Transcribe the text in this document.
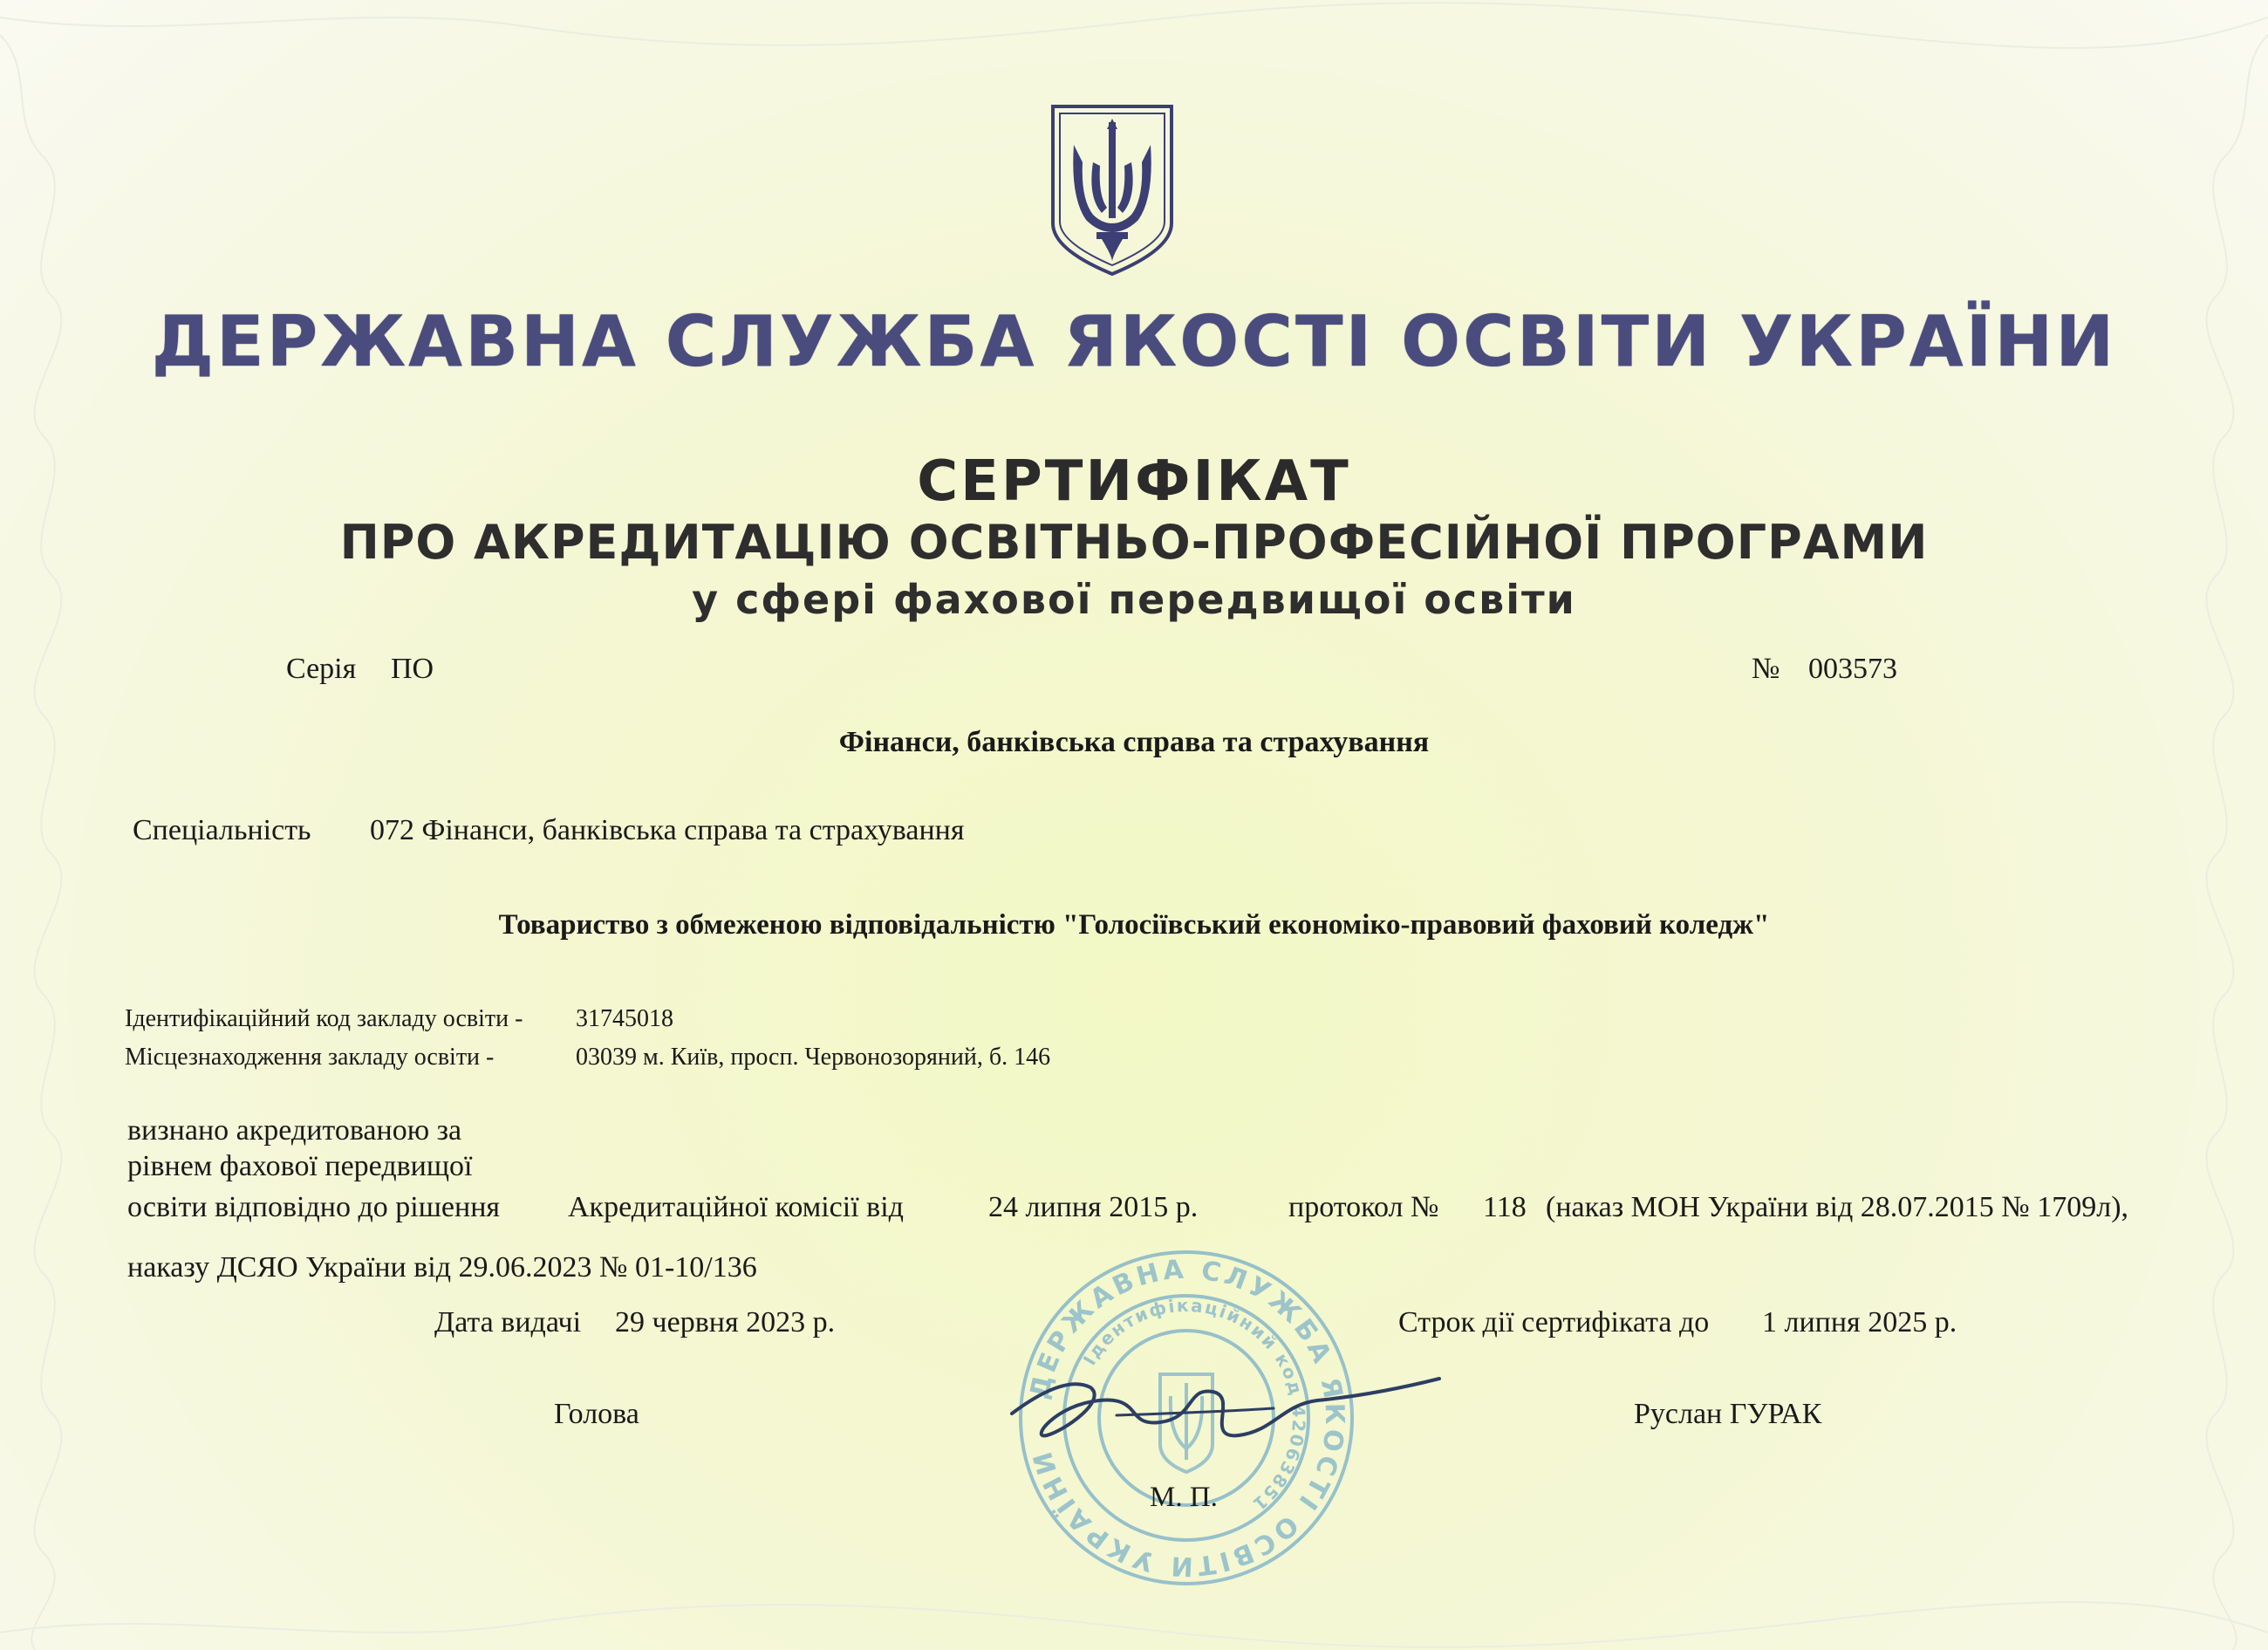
ДЕРЖАВНА СЛУЖБА ЯКОСТІ ОСВІТИ УКРАЇНИ
СЕРТИФІКАТ
ПРО АКРЕДИТАЦІЮ ОСВІТНЬО-ПРОФЕСІЙНОЇ ПРОГРАМИ
у сфері фахової передвищої освіти
Серія ПО	№ 003573
Фінанси, банківська справа та страхування
Спеціальність 072 Фінанси, банківська справа та страхування
Товариство з обмеженою відповідальністю "Голосіївський економіко-правовий фаховий коледж"
Ідентифікаційний код закладу освіти - 31745018
Місцезнаходження закладу освіти -	03039 м. Київ, просп. Червонозоряний, б. 146
визнано акредитованою за
рівнем фахової передвищої
освіти відповідно до рішення Акредитаційної комісії від	24 липня 2015 р.	протокол № 118 (наказ МОН України від 28.07.2015 № 1709л),
наказу ДСЯО України від 29.06.2023 № 01-10/136
Дата видачі 29 червня 2023 р.	Строк дії сертифіката до 1 липня 2025 р.
ДЕРЖАВНА СЛУЖБА ЯКОСТІ ОСВІТИ УКРАЇНИ
Ідентифікаційний код 42063851
Голова	Руслан ГУРАК
М. П.
